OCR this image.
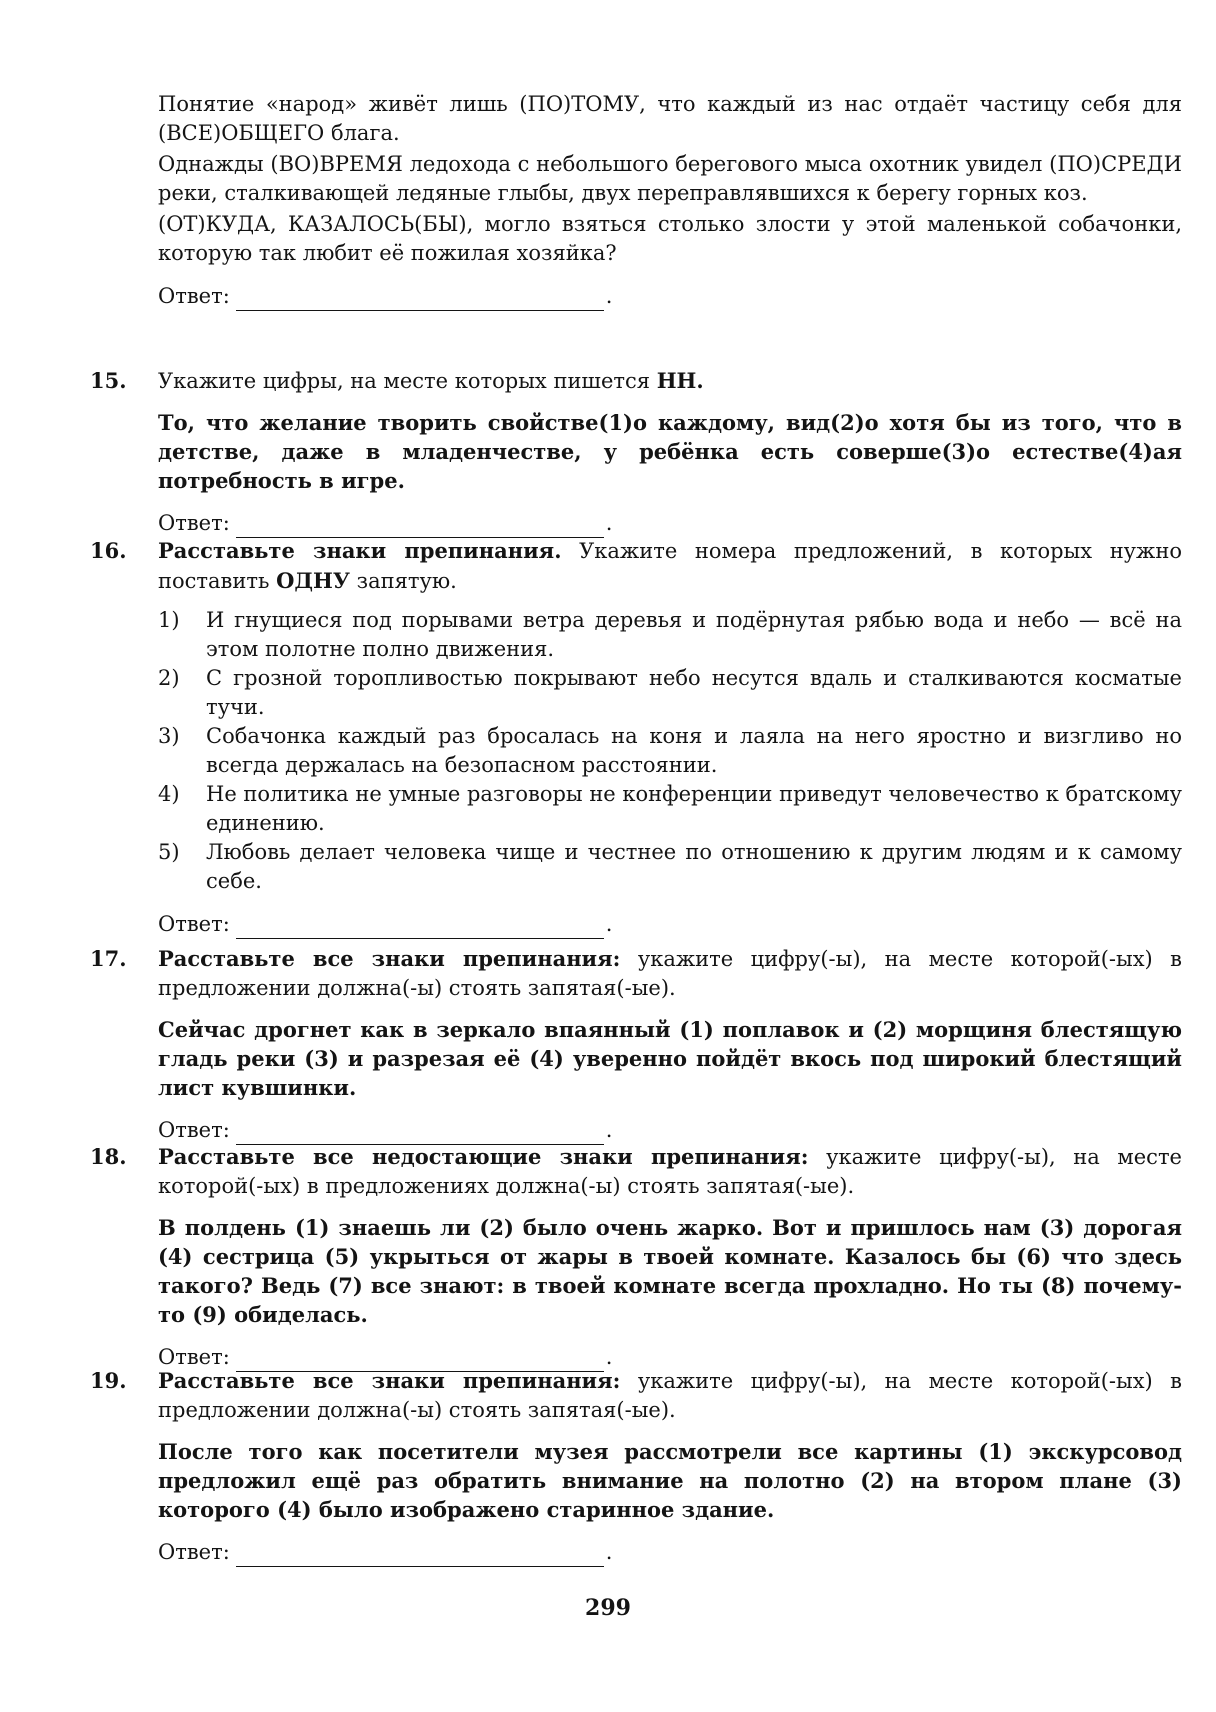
Понятие «народ» живёт лишь (ПО)ТОМУ, что каждый из нас отдаёт частицу себя для (ВСЕ)ОБЩЕГО блага.

Однажды (ВО)ВРЕМЯ ледохода с небольшого берегового мыса охотник увидел (ПО)СРЕДИ реки, сталкивающей ледяные глыбы, двух переправлявшихся к берегу горных коз.

(ОТ)КУДА, КАЗАЛОСЬ(БЫ), могло взяться столько злости у этой маленькой собачонки, которую так любит её пожилая хозяйка?

Ответ:	.
15. Укажите цифры, на месте которых пишется НН.

То, что желание творить свойстве(1)о каждому, вид(2)о хотя бы из того, что в детстве, даже в младенчестве, у ребёнка есть соверше(3)о естестве(4)ая потребность в игре.

Ответ:	.
16. Расставьте знаки препинания. Укажите номера предложений, в которых нужно поставить ОДНУ запятую.

1) И гнущиеся под порывами ветра деревья и подёрнутая рябью вода и небо — всё на этом полотне полно движения.
2) С грозной торопливостью покрывают небо несутся вдаль и сталкиваются косматые тучи.
3) Собачонка каждый раз бросалась на коня и лаяла на него яростно и визгливо но всегда держалась на безопасном расстоянии.
4) Не политика не умные разговоры не конференции приведут человечество к братскому единению.
5) Любовь делает человека чище и честнее по отношению к другим людям и к самому себе.
Ответ:	.
17. Расставьте все знаки препинания: укажите цифру(-ы), на месте которой(-ых) в предложении должна(-ы) стоять запятая(-ые).

Сейчас дрогнет как в зеркало впаянный (1) поплавок и (2) морщиня блестящую гладь реки (3) и разрезая её (4) уверенно пойдёт вкось под широкий блестящий лист кувшинки.

Ответ:	.
18. Расставьте все недостающие знаки препинания: укажите цифру(-ы), на месте которой(-ых) в предложениях должна(-ы) стоять запятая(-ые).

В полдень (1) знаешь ли (2) было очень жарко. Вот и пришлось нам (3) дорогая (4) сестрица (5) укрыться от жары в твоей комнате. Казалось бы (6) что здесь такого? Ведь (7) все знают: в твоей комнате всегда прохладно. Но ты (8) почему-то (9) обиделась.

Ответ:	.
19. Расставьте все знаки препинания: укажите цифру(-ы), на месте которой(-ых) в предложении должна(-ы) стоять запятая(-ые).

После того как посетители музея рассмотрели все картины (1) экскурсовод предложил ещё раз обратить внимание на полотно (2) на втором плане (3) которого (4) было изображено старинное здание.

Ответ:	.
299
